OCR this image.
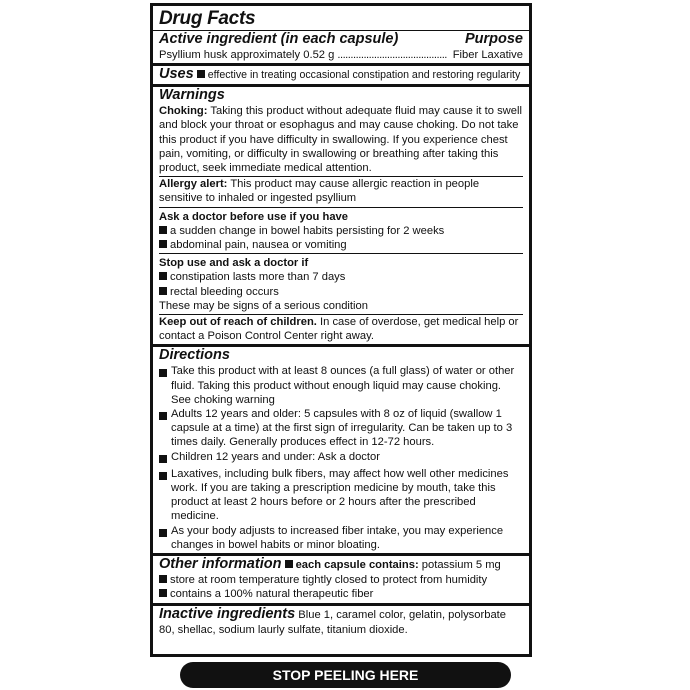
Drug Facts
Active ingredient (in each capsule)	Purpose
Psyllium husk approximately 0.52 g .......................................... Fiber Laxative
Uses effective in treating occasional constipation and restoring regularity
Warnings
Choking: Taking this product without adequate fluid may cause it to swell and block your throat or esophagus and may cause choking. Do not take this product if you have difficulty in swallowing. If you experience chest pain, vomiting, or difficulty in swallowing or breathing after taking this product, seek immediate medical attention.
Allergy alert: This product may cause allergic reaction in people sensitive to inhaled or ingested psyllium
Ask a doctor before use if you have
a sudden change in bowel habits persisting for 2 weeks
abdominal pain, nausea or vomiting
Stop use and ask a doctor if
constipation lasts more than 7 days
rectal bleeding occurs
These may be signs of a serious condition
Keep out of reach of children. In case of overdose, get medical help or contact a Poison Control Center right away.
Directions
Take this product with at least 8 ounces (a full glass) of water or other fluid. Taking this product without enough liquid may cause choking. See choking warning
Adults 12 years and older: 5 capsules with 8 oz of liquid (swallow 1 capsule at a time) at the first sign of irregularity. Can be taken up to 3 times daily. Generally produces effect in 12-72 hours.
Children 12 years and under: Ask a doctor
Laxatives, including bulk fibers, may affect how well other medicines work. If you are taking a prescription medicine by mouth, take this product at least 2 hours before or 2 hours after the prescribed medicine.
As your body adjusts to increased fiber intake, you may experience changes in bowel habits or minor bloating.
Other information each capsule contains: potassium 5 mg
store at room temperature tightly closed to protect from humidity
contains a 100% natural therapeutic fiber
Inactive ingredients Blue 1, caramel color, gelatin, polysorbate 80, shellac, sodium laurly sulfate, titanium dioxide.
STOP PEELING HERE
